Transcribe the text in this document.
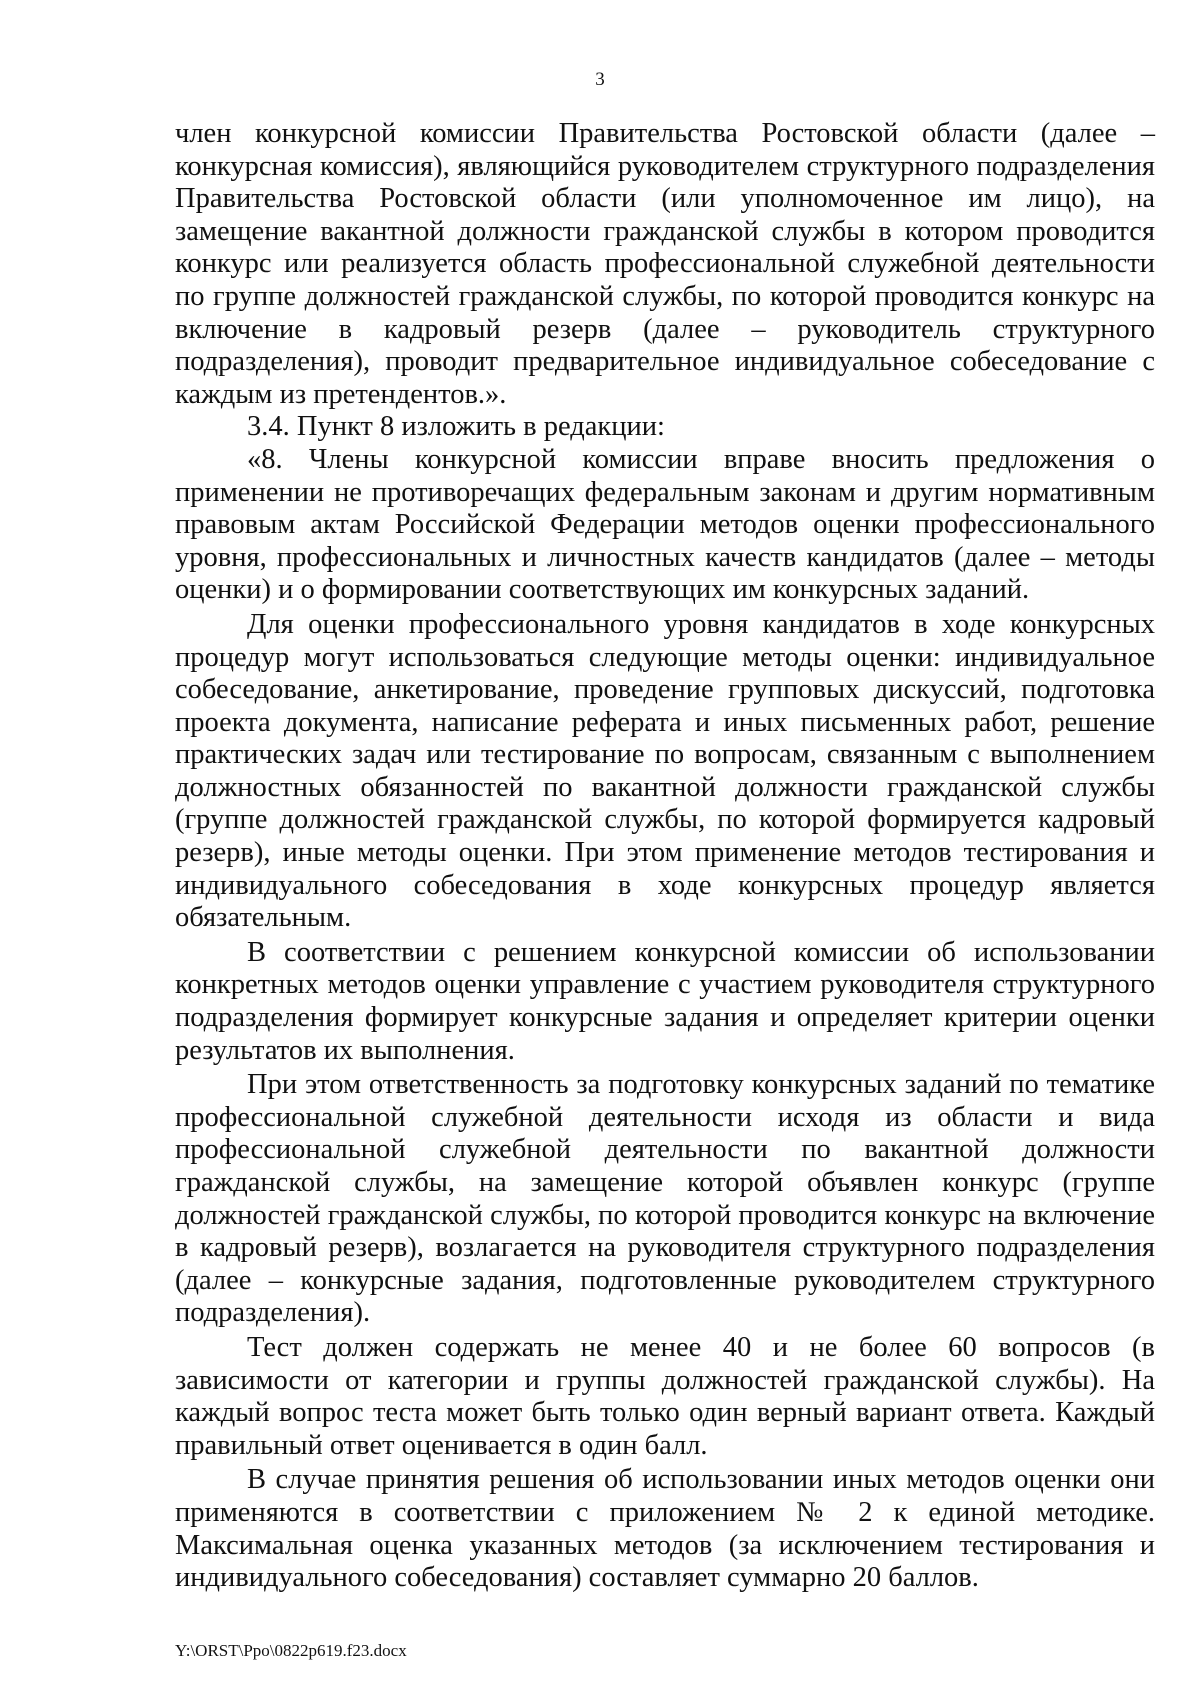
3

член конкурсной комиссии Правительства Ростовской области (далее – конкурсная комиссия), являющийся руководителем структурного подразделения Правительства Ростовской области (или уполномоченное им лицо), на замещение вакантной должности гражданской службы в котором проводится конкурс или реализуется область профессиональной служебной деятельности по группе должностей гражданской службы, по которой проводится конкурс на включение в кадровый резерв (далее – руководитель структурного подразделения), проводит предварительное индивидуальное собеседование с каждым из претендентов.».

3.4. Пункт 8 изложить в редакции:

«8. Члены конкурсной комиссии вправе вносить предложения о применении не противоречащих федеральным законам и другим нормативным правовым актам Российской Федерации методов оценки профессионального уровня, профессиональных и личностных качеств кандидатов (далее – методы оценки) и о формировании соответствующих им конкурсных заданий.

Для оценки профессионального уровня кандидатов в ходе конкурсных процедур могут использоваться следующие методы оценки: индивидуальное собеседование, анкетирование, проведение групповых дискуссий, подготовка проекта документа, написание реферата и иных письменных работ, решение практических задач или тестирование по вопросам, связанным с выполнением должностных обязанностей по вакантной должности гражданской службы (группе должностей гражданской службы, по которой формируется кадровый резерв), иные методы оценки. При этом применение методов тестирования и индивидуального собеседования в ходе конкурсных процедур является обязательным.

В соответствии с решением конкурсной комиссии об использовании конкретных методов оценки управление с участием руководителя структурного подразделения формирует конкурсные задания и определяет критерии оценки результатов их выполнения.

При этом ответственность за подготовку конкурсных заданий по тематике профессиональной служебной деятельности исходя из области и вида профессиональной служебной деятельности по вакантной должности гражданской службы, на замещение которой объявлен конкурс (группе должностей гражданской службы, по которой проводится конкурс на включение в кадровый резерв), возлагается на руководителя структурного подразделения (далее – конкурсные задания, подготовленные руководителем структурного подразделения).

Тест должен содержать не менее 40 и не более 60 вопросов (в зависимости от категории и группы должностей гражданской службы). На каждый вопрос теста может быть только один верный вариант ответа. Каждый правильный ответ оценивается в один балл.

В случае принятия решения об использовании иных методов оценки они применяются в соответствии с приложением № 2 к единой методике. Максимальная оценка указанных методов (за исключением тестирования и индивидуального собеседования) составляет суммарно 20 баллов.

Y:\ORST\Ppo\0822p619.f23.docx
